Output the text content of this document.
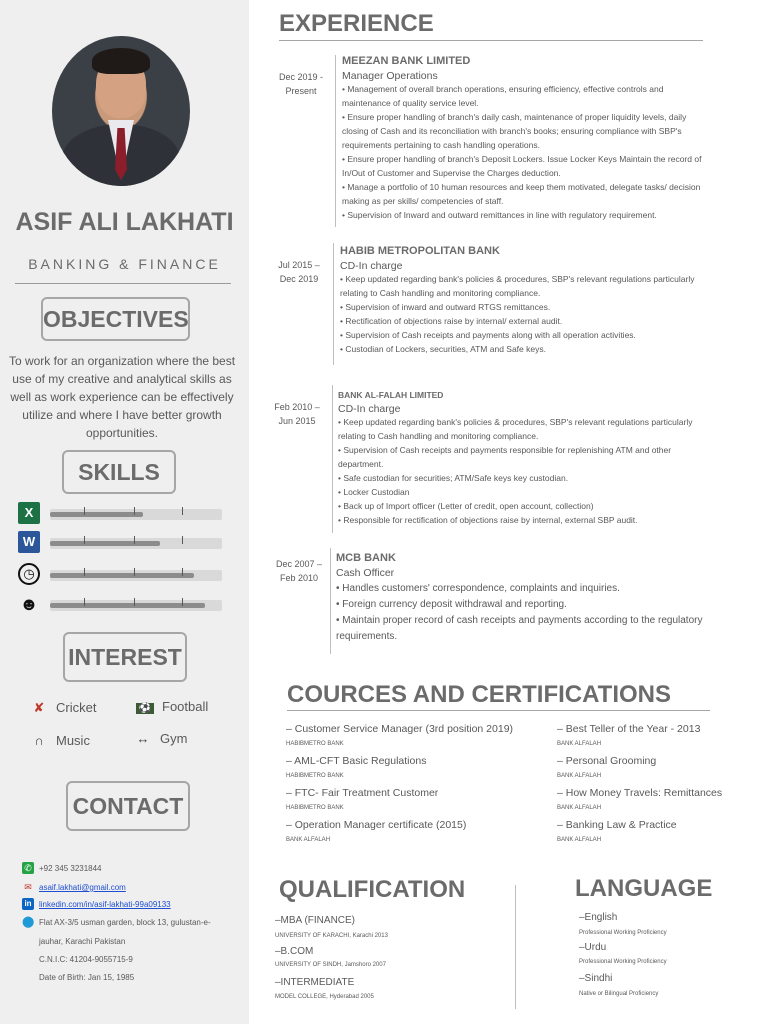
ASIF ALI LAKHATI
BANKING & FINANCE
OBJECTIVES
To work for an organization where the best use of my creative and analytical skills as well as work experience can be effectively utilize and where I have better growth opportunities.
SKILLS
X
W
◷
☻
INTEREST
✘ Cricket	⚽ Football
∩ Music	↔ Gym
CONTACT
✆ +92 345 3231844
✉ asaif.lakhati@gmail.com
in linkedin.com/in/asif-lakhati-99a09133
⬤ Flat AX-3/5 usman garden, block 13, gulustan-e-
jauhar, Karachi Pakistan
C.N.I.C: 41204-9055715-9
Date of Birth: Jan 15, 1985
EXPERIENCE
Dec 2019 -
Present
MEEZAN BANK LIMITED
Manager Operations
• Management of overall branch operations, ensuring efficiency, effective controls and
maintenance of quality service level.
• Ensure proper handling of branch's daily cash, maintenance of proper liquidity levels, daily
closing of Cash and its reconciliation with branch's books; ensuring compliance with SBP's
requirements pertaining to cash handling operations.
• Ensure proper handling of branch's Deposit Lockers. Issue Locker Keys Maintain the record of
In/Out of Customer and Supervise the Charges deduction.
• Manage a portfolio of 10 human resources and keep them motivated, delegate tasks/ decision
making as per skills/ competencies of staff.
• Supervision of Inward and outward remittances in line with regulatory requirement.
Jul 2015 –
Dec 2019
HABIB METROPOLITAN BANK
CD-In charge
• Keep updated regarding bank's policies & procedures, SBP's relevant regulations particularly
relating to Cash handling and monitoring compliance.
• Supervision of inward and outward RTGS remittances.
• Rectification of objections raise by internal/ external audit.
• Supervision of Cash receipts and payments along with all operation activities.
• Custodian of Lockers, securities, ATM and Safe keys.
Feb 2010 –
Jun 2015
BANK AL-FALAH LIMITED
CD-In charge
• Keep updated regarding bank's policies & procedures, SBP's relevant regulations particularly
relating to Cash handling and monitoring compliance.
• Supervision of Cash receipts and payments responsible for replenishing ATM and other
department.
• Safe custodian for securities; ATM/Safe keys key custodian.
• Locker Custodian
• Back up of Import officer (Letter of credit, open account, collection)
• Responsible for rectification of objections raise by internal, external SBP audit.
Dec 2007 –
Feb 2010
MCB BANK
Cash Officer
• Handles customers' correspondence, complaints and inquiries.
• Foreign currency deposit withdrawal and reporting.
• Maintain proper record of cash receipts and payments according to the regulatory
requirements.
COURCES AND CERTIFICATIONS
– Customer Service Manager (3rd position 2019)
HABIBMETRO BANK
– AML-CFT Basic Regulations
HABIBMETRO BANK
– FTC- Fair Treatment Customer
HABIBMETRO BANK
– Operation Manager certificate (2015)
BANK ALFALAH
– Best Teller of the Year - 2013
BANK ALFALAH
– Personal Grooming
BANK ALFALAH
– How Money Travels: Remittances
BANK ALFALAH
– Banking Law & Practice
BANK ALFALAH
QUALIFICATION
–MBA (FINANCE)
UNIVERSITY OF KARACHI, Karachi 2013
–B.COM
UNIVERSITY OF SINDH, Jamshoro 2007
–INTERMEDIATE
MODEL COLLEGE, Hyderabad 2005
LANGUAGE
–English
Professional Working Proficiency
–Urdu
Professional Working Proficiency
–Sindhi
Native or Bilingual Proficiency
